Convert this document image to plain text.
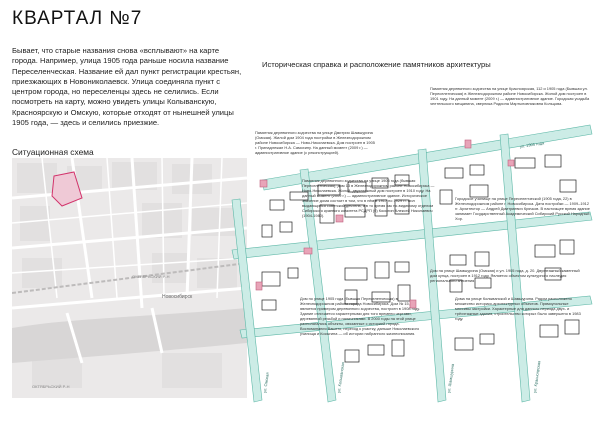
КВАРТАЛ №7
Бывает, что старые названия снова «всплывают» на карте города. Например, улица 1905 года раньше носила название Переселенческая. Название ей дал пункт регистрации крестьян, приезжающих в Новониколаевск. Улица соединяла пункт с центром города, но переселенцы здесь не селились. Если посмотреть на карту, можно увидеть улицы Колыванскую, Красноярскую и Омскую, которые отходят от нынешней улицы 1905 года, — здесь и селились приезжие.
Ситуационная схема
Историческая справка и расположение памятников архитектуры
ОКТЯБРЬСКИЙ Р-Н
Новосибирск
ОКТЯБРЬСКИЙ Р-Н
ул. 1905 года
ул. Шамшурина	ул. Красноярская
ул. Колыванская
ул. Омская
Памятник деревянного зодчества на улице Красноярская, 112 и 1905 года (Бывшая ул. Переселенческая) в Железнодорожном районе Новосибирска. Жилой дом построен в 1901 году. На данный момент (2009 г.) — административное здание. Городская усадьба челтельского мещанина, сверника Родиона Мартыновниковна Кольцова.
Памятник деревянного зодчества на улице Дмитрия Шамшурина (Омская). Жилой дом 1904 года постройки в Железнодорожном районе Новосибирска — Ново-Николаевска. Дом построен в 1905 г. Принадлежал Н.А. Самохину. На данный момент (2009 г.) — административное здание (с реконструкцией).
Памятник деревянного зодчества на улице 1905 года (бывшая Переселенческая), дом 13 в Железнодорожном районе Новосибирска — Ново-Николаевска. Жилой, двухэтажный дом построен в 1910 году. На данный момент (2009 г.) — административное здание. Историческое значение дома состоит в том, что в нём в 1917 по 1929 гг. жил выдающийся советский деятель, а в то время как по-видимому отделом Сибирского краевого комитета РСДРП (б) Косыгин Алексей Николаевич (1904-1980).
Городское училище на улице Переселенческой (1905 года, 22) в Железнодорожном районе г. Новосибирска. Дата постройки — 1909–1912 гг. Архитектор — Андрей Дмитриевич Крячков. В настоящее время здание занимает Государственный Академический Сибирский Русский Народный Хор.
Дом на улице Шамшурина (Омская) и ул. 1905 года, д. 20. Двухэтажный каменный дом купца, построен в 1912 году. Является объектом культурного наследия регионального значения.
Дом по улице 1905 года (бывшая Переселенческая) в Железнодорожном районе города Новосибирска. Дом № 15, является примером деревянного зодчества, построен в 1908 году. Здание отличается характерными для того времени чертами, деревянной резьбой и наличниками. В 2000 годы на этой улице располагались объекты, связанные с историей города. Воспоминания Вашего, переход к участку, дальше Николаевского училища и Косыгина — об истории набранного жизнеописания.
Дома на улице Колыванской и Шамшурина. Рядом расположено множество историко-архитектурных объектов. Прямоугольные массивы застройки. Характерные для данного периода двух- и трёхэтажные здания, строительство которых было завершено в 1983 году.
